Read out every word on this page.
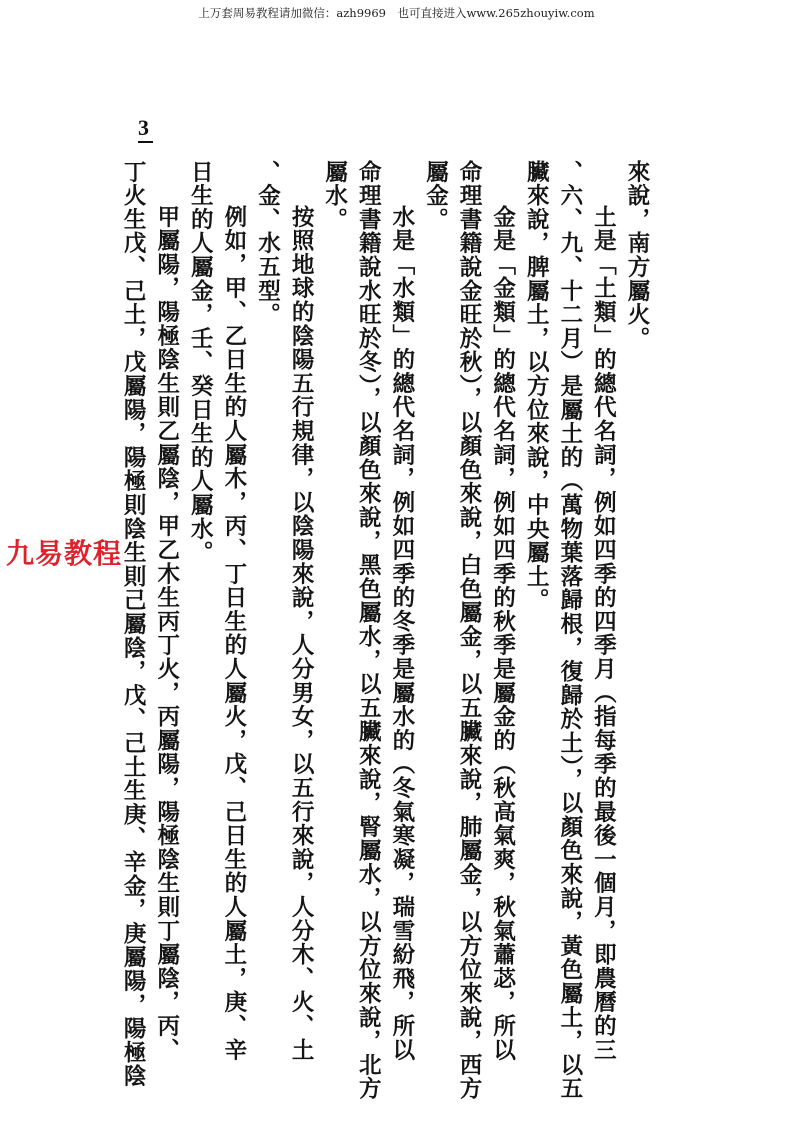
上万套周易教程请加微信：azh9969　也可直接进入www.265zhouyiw.com
3
來說，南方屬火。
土是「土類」的總代名詞，例如四季的四季月（指每季的最後一個月，即農曆的三
、六、九、十二月）是屬土的（萬物葉落歸根，復歸於土），以顏色來說，黃色屬土，以五
臟來說，脾屬土，以方位來說，中央屬土。
金是「金類」的總代名詞，例如四季的秋季是屬金的（秋高氣爽，秋氣蕭苾，所以
命理書籍說金旺於秋），以顏色來說，白色屬金，以五臟來說，肺屬金，以方位來說，西方
屬金。
水是「水類」的總代名詞，例如四季的冬季是屬水的（冬氣寒凝，瑞雪紛飛，所以
命理書籍說水旺於冬），以顏色來說，黑色屬水，以五臟來說，腎屬水，以方位來說，北方
屬水。
按照地球的陰陽五行規律，以陰陽來說，人分男女，以五行來說，人分木、火、土
、金、水五型。
例如，甲、乙日生的人屬木，丙、丁日生的人屬火，戊、己日生的人屬土，庚、辛
日生的人屬金，壬、癸日生的人屬水。
甲屬陽，陽極陰生則乙屬陰，甲乙木生丙丁火，丙屬陽，陽極陰生則丁屬陰，丙、
丁火生戊、己土，戊屬陽，陽極則陰生則己屬陰，戊、己土生庚、辛金，庚屬陽，陽極陰
九易教程
